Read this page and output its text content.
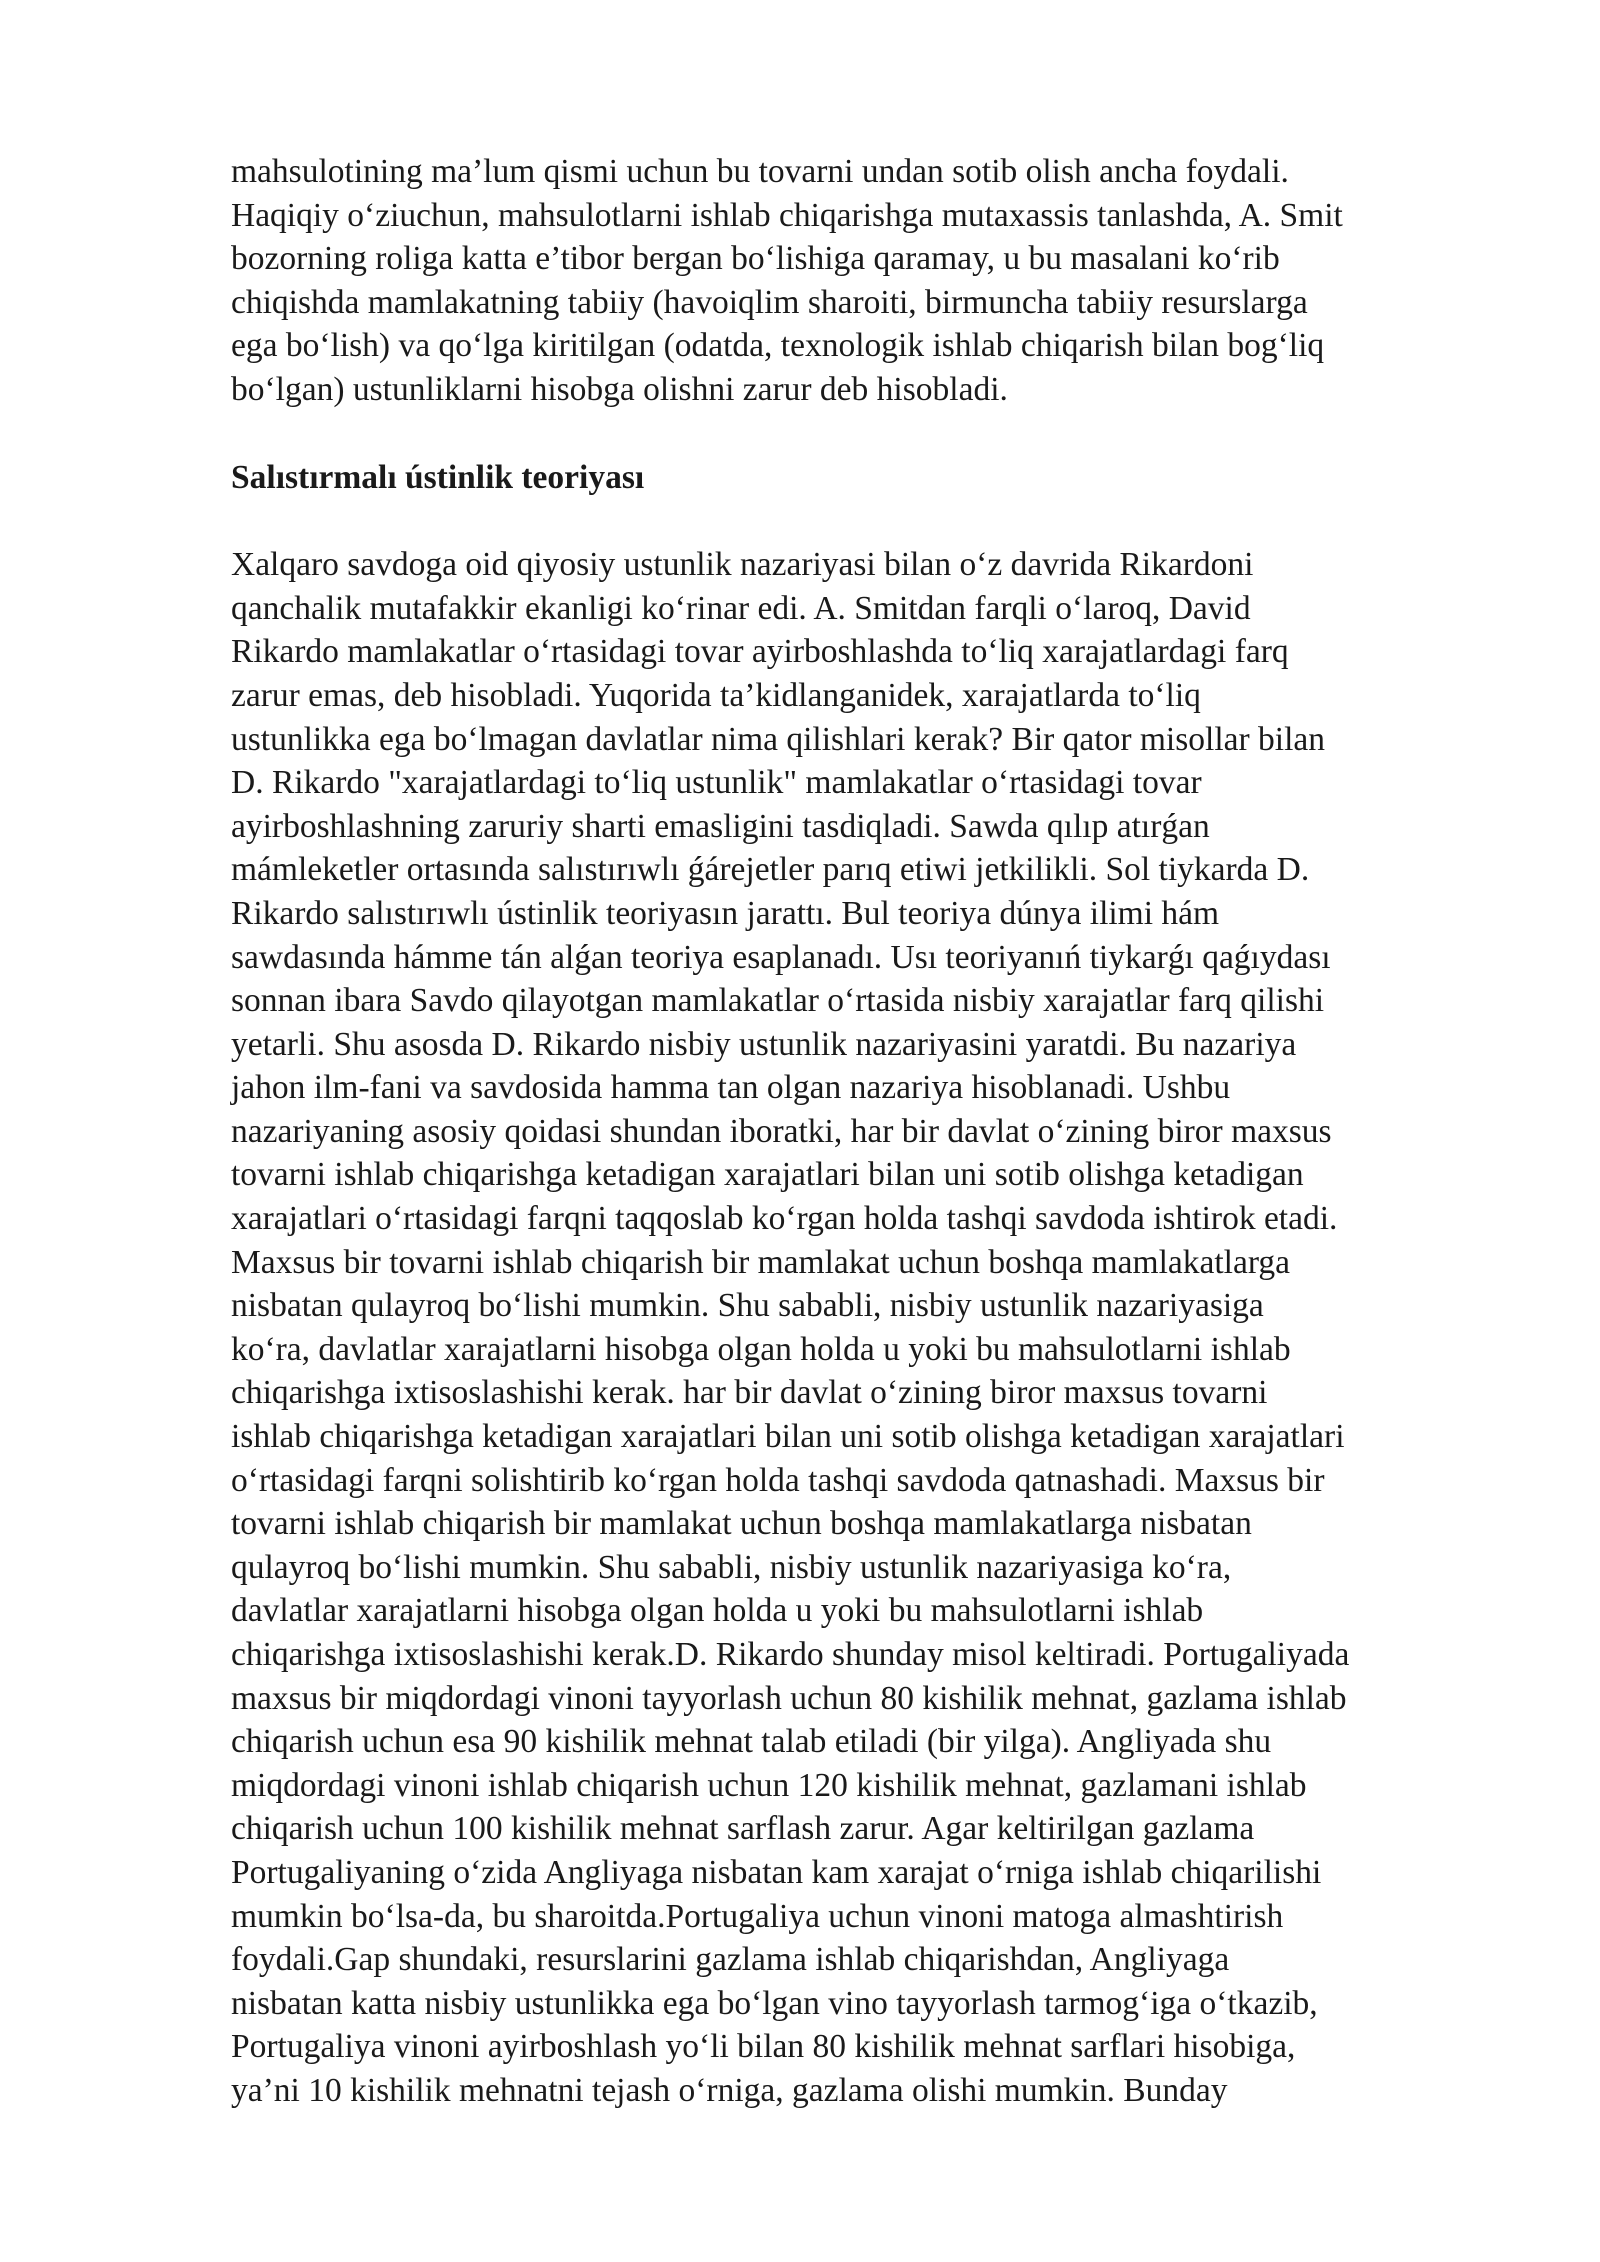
mahsulotining ma’lum qismi uchun bu tovarni undan sotib olish ancha foydali.
Haqiqiy o‘ziuchun, mahsulotlarni ishlab chiqarishga mutaxassis tanlashda, A. Smit
bozorning roliga katta e’tibor bergan bo‘lishiga qaramay, u bu masalani ko‘rib
chiqishda mamlakatning tabiiy (havoiqlim sharoiti, birmuncha tabiiy resurslarga
ega bo‘lish) va qo‘lga kiritilgan (odatda, texnologik ishlab chiqarish bilan bog‘liq
bo‘lgan) ustunliklarni hisobga olishni zarur deb hisobladi.
Salıstırmalı ústinlik teoriyası
Xalqaro savdoga oid qiyosiy ustunlik nazariyasi bilan o‘z davrida Rikardoni
qanchalik mutafakkir ekanligi ko‘rinar edi. A. Smitdan farqli o‘laroq, David
Rikardo mamlakatlar o‘rtasidagi tovar ayirboshlashda to‘liq xarajatlardagi farq
zarur emas, deb hisobladi. Yuqorida ta’kidlanganidek, xarajatlarda to‘liq
ustunlikka ega bo‘lmagan davlatlar nima qilishlari kerak? Bir qator misollar bilan
D. Rikardo "xarajatlardagi to‘liq ustunlik" mamlakatlar o‘rtasidagi tovar
ayirboshlashning zaruriy sharti emasligini tasdiqladi. Sawda qılıp atırǵan
mámleketler ortasında salıstırıwlı ǵárejetler parıq etiwi jetkilikli. Sol tiykarda D.
Rikardo salıstırıwlı ústinlik teoriyasın jarattı. Bul teoriya dúnya ilimi hám
sawdasında hámme tán alǵan teoriya esaplanadı. Usı teoriyanıń tiykarǵı qaǵıydası
sonnan ibara Savdo qilayotgan mamlakatlar o‘rtasida nisbiy xarajatlar farq qilishi
yetarli. Shu asosda D. Rikardo nisbiy ustunlik nazariyasini yaratdi. Bu nazariya
jahon ilm-fani va savdosida hamma tan olgan nazariya hisoblanadi. Ushbu
nazariyaning asosiy qoidasi shundan iboratki, har bir davlat o‘zining biror maxsus
tovarni ishlab chiqarishga ketadigan xarajatlari bilan uni sotib olishga ketadigan
xarajatlari o‘rtasidagi farqni taqqoslab ko‘rgan holda tashqi savdoda ishtirok etadi.
Maxsus bir tovarni ishlab chiqarish bir mamlakat uchun boshqa mamlakatlarga
nisbatan qulayroq bo‘lishi mumkin. Shu sababli, nisbiy ustunlik nazariyasiga
ko‘ra, davlatlar xarajatlarni hisobga olgan holda u yoki bu mahsulotlarni ishlab
chiqarishga ixtisoslashishi kerak. har bir davlat o‘zining biror maxsus tovarni
ishlab chiqarishga ketadigan xarajatlari bilan uni sotib olishga ketadigan xarajatlari
o‘rtasidagi farqni solishtirib ko‘rgan holda tashqi savdoda qatnashadi. Maxsus bir
tovarni ishlab chiqarish bir mamlakat uchun boshqa mamlakatlarga nisbatan
qulayroq bo‘lishi mumkin. Shu sababli, nisbiy ustunlik nazariyasiga ko‘ra,
davlatlar xarajatlarni hisobga olgan holda u yoki bu mahsulotlarni ishlab
chiqarishga ixtisoslashishi kerak.D. Rikardo shunday misol keltiradi. Portugaliyada
maxsus bir miqdordagi vinoni tayyorlash uchun 80 kishilik mehnat, gazlama ishlab
chiqarish uchun esa 90 kishilik mehnat talab etiladi (bir yilga). Angliyada shu
miqdordagi vinoni ishlab chiqarish uchun 120 kishilik mehnat, gazlamani ishlab
chiqarish uchun 100 kishilik mehnat sarflash zarur. Agar keltirilgan gazlama
Portugaliyaning o‘zida Angliyaga nisbatan kam xarajat o‘rniga ishlab chiqarilishi
mumkin bo‘lsa-da, bu sharoitda.Portugaliya uchun vinoni matoga almashtirish
foydali.Gap shundaki, resurslarini gazlama ishlab chiqarishdan, Angliyaga
nisbatan katta nisbiy ustunlikka ega bo‘lgan vino tayyorlash tarmog‘iga o‘tkazib,
Portugaliya vinoni ayirboshlash yo‘li bilan 80 kishilik mehnat sarflari hisobiga,
ya’ni 10 kishilik mehnatni tejash o‘rniga, gazlama olishi mumkin. Bunday
